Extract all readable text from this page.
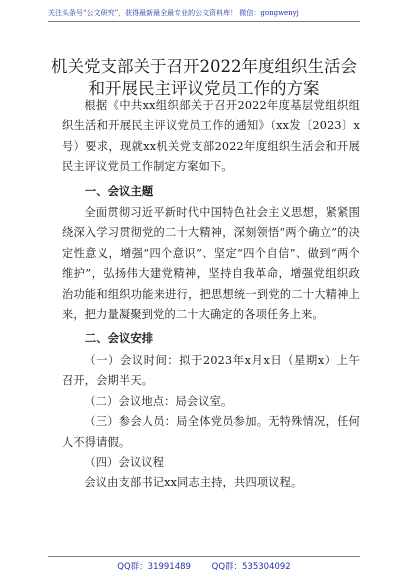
关注头条号“公文研究”，获得最新最全最专业的公文资料库！ 微信：gongwenyj
机关党支部关于召开2022年度组织生活会
和开展民主评议党员工作的方案

根据《中共xx组织部关于召开2022年度基层党组织组织生活和开展民主评议党员工作的通知》（xx发〔2023〕x号）要求，现就xx机关党支部2022年度组织生活会和开展民主评议党员工作制定方案如下。

一、会议主题

全面贯彻习近平新时代中国特色社会主义思想，紧紧围绕深入学习贯彻党的二十大精神，深刻领悟“两个确立”的决定性意义，增强“四个意识”、坚定“四个自信”、做到“两个维护”，弘扬伟大建党精神，坚持自我革命，增强党组织政治功能和组织功能来进行，把思想统一到党的二十大精神上来，把力量凝聚到党的二十大确定的各项任务上来。

二、会议安排

（一）会议时间：拟于2023年x月x日（星期x）上午召开，会期半天。

（二）会议地点：局会议室。

（三）参会人员：局全体党员参加。无特殊情况，任何人不得请假。

（四）会议议程

会议由支部书记xx同志主持，共四项议程。

QQ群：31991489 QQ群：535304092
